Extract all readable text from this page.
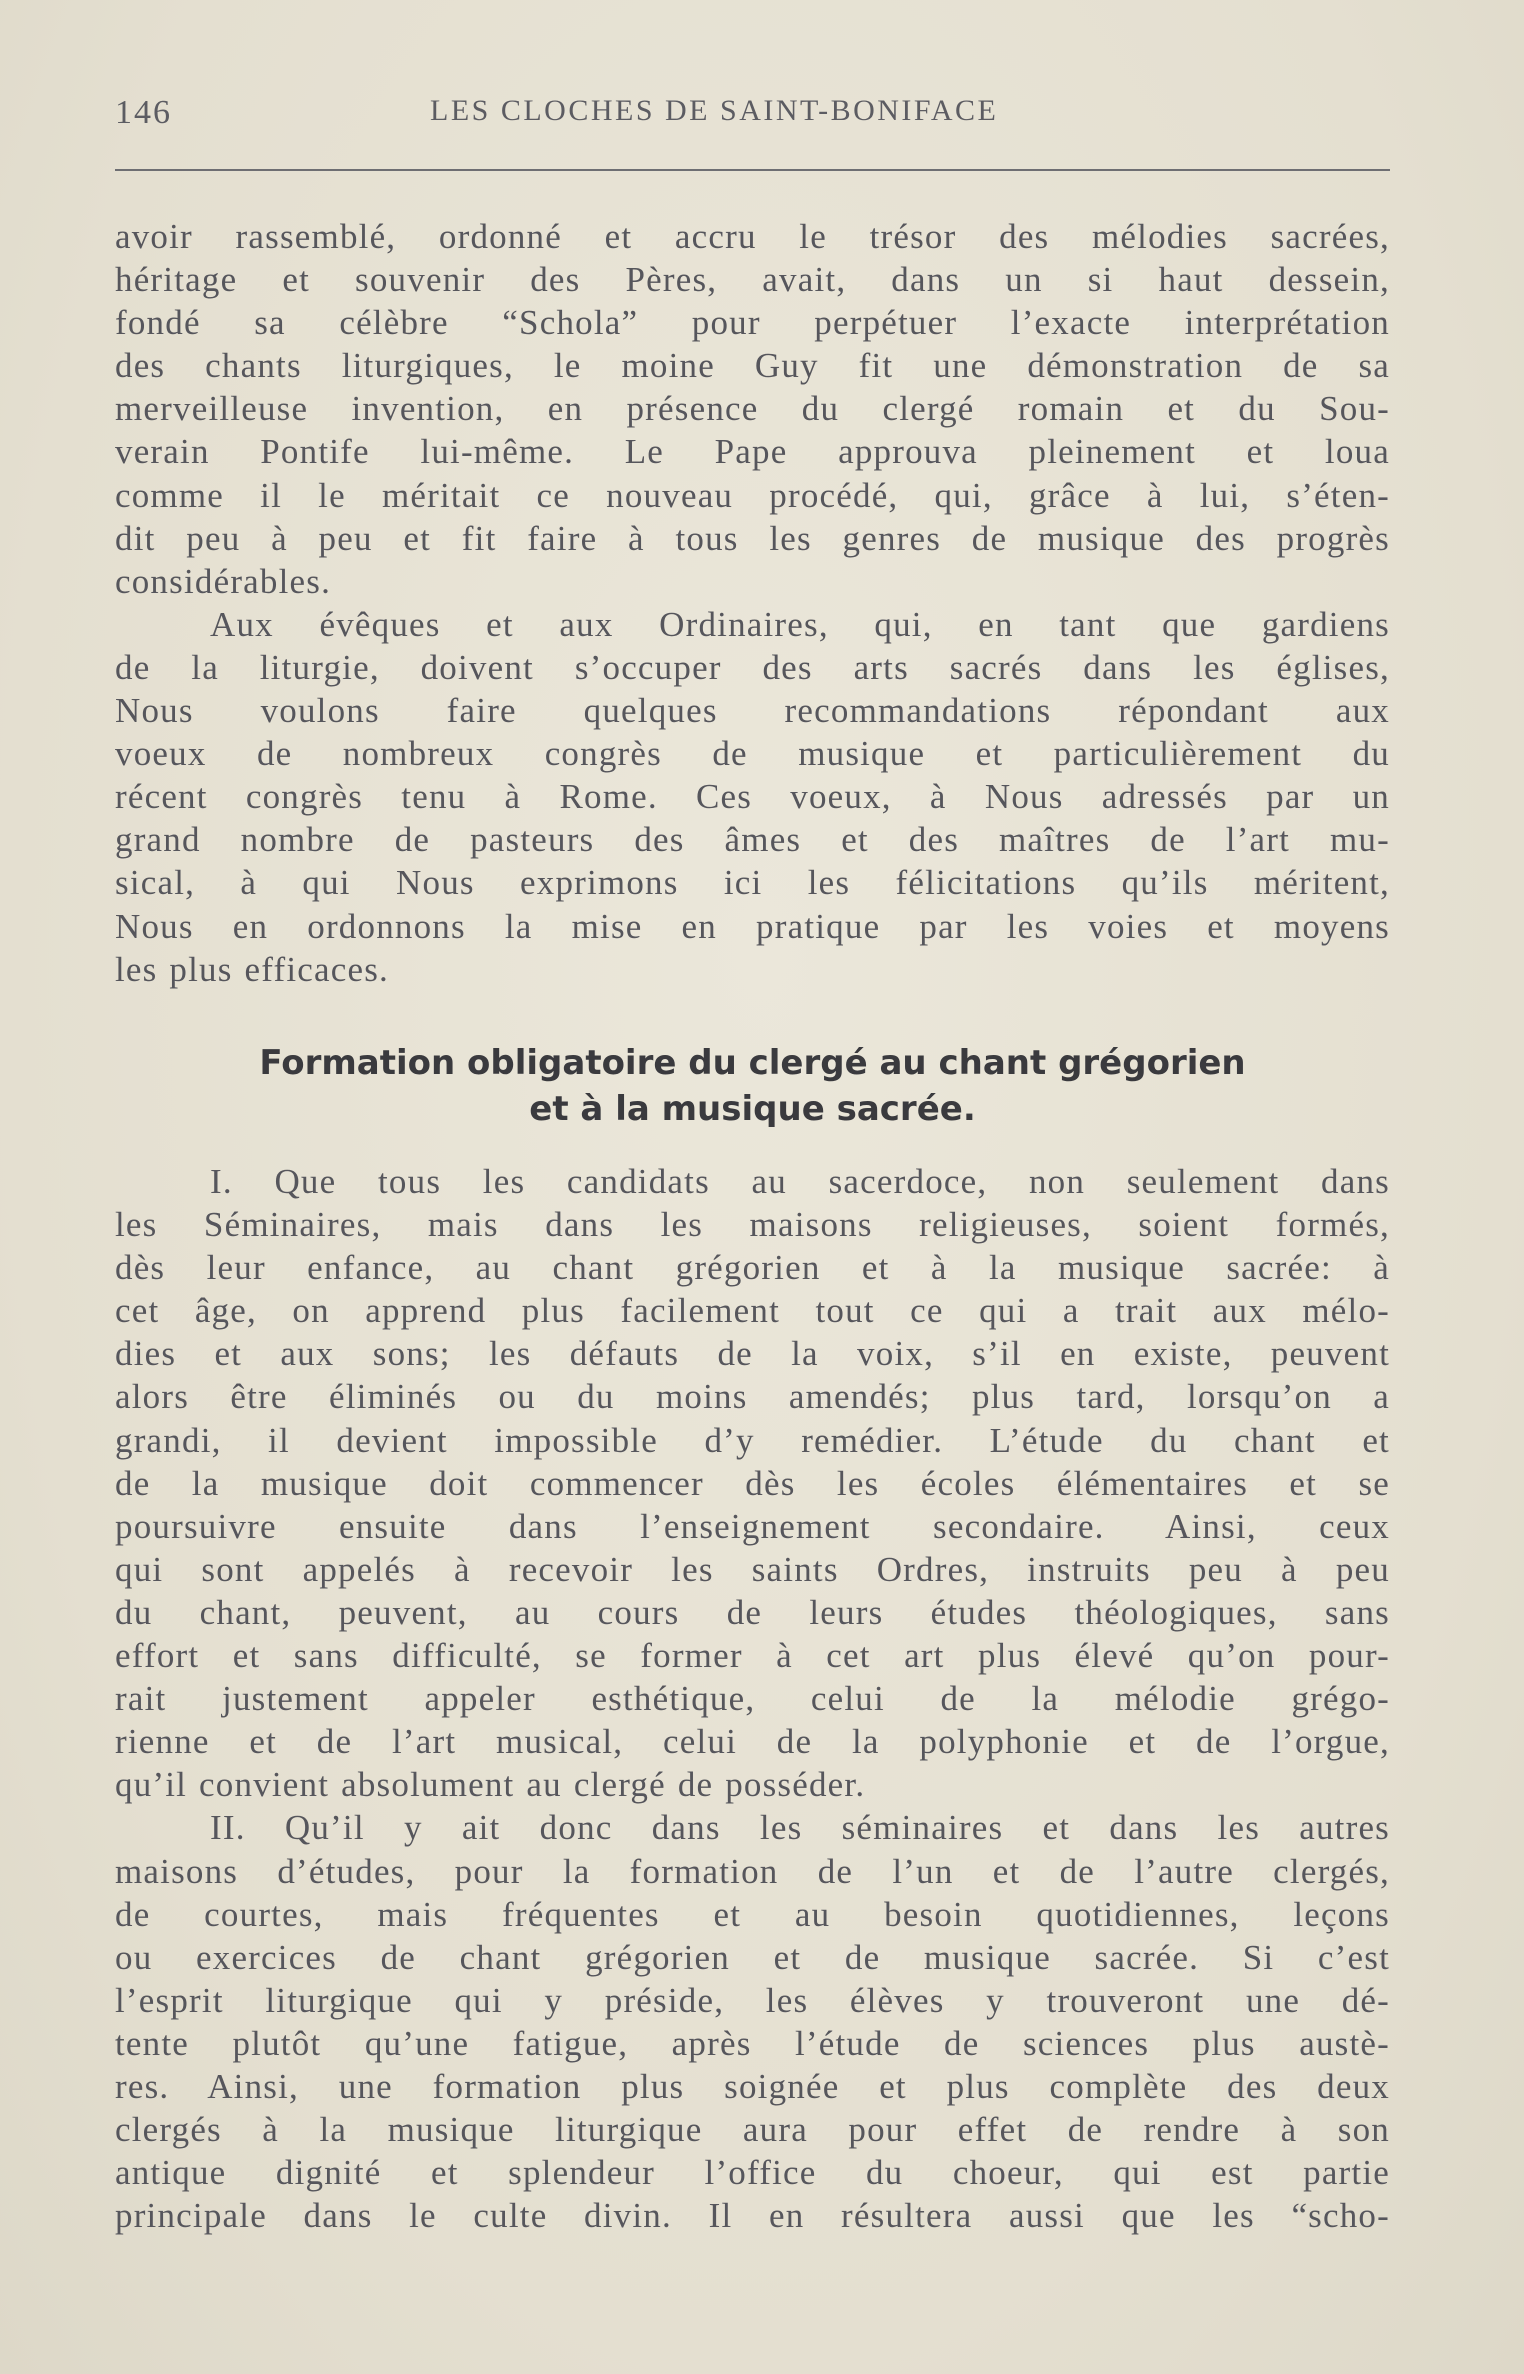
146	LES CLOCHES DE SAINT-BONIFACE
avoir rassemblé, ordonné et accru le trésor des mélodies sacrées,
héritage et souvenir des Pères, avait, dans un si haut dessein,
fondé sa célèbre “Schola” pour perpétuer l’exacte interprétation
des chants liturgiques, le moine Guy fit une démonstration de sa
merveilleuse invention, en présence du clergé romain et du Sou-
verain Pontife lui-même. Le Pape approuva pleinement et loua
comme il le méritait ce nouveau procédé, qui, grâce à lui, s’éten-
dit peu à peu et fit faire à tous les genres de musique des progrès
considérables.
Aux évêques et aux Ordinaires, qui, en tant que gardiens
de la liturgie, doivent s’occuper des arts sacrés dans les églises,
Nous voulons faire quelques recommandations répondant aux
voeux de nombreux congrès de musique et particulièrement du
récent congrès tenu à Rome. Ces voeux, à Nous adressés par un
grand nombre de pasteurs des âmes et des maîtres de l’art mu-
sical, à qui Nous exprimons ici les félicitations qu’ils méritent,
Nous en ordonnons la mise en pratique par les voies et moyens
les plus efficaces.
Formation obligatoire du clergé au chant grégorien
et à la musique sacrée.
I. Que tous les candidats au sacerdoce, non seulement dans
les Séminaires, mais dans les maisons religieuses, soient formés,
dès leur enfance, au chant grégorien et à la musique sacrée: à
cet âge, on apprend plus facilement tout ce qui a trait aux mélo-
dies et aux sons; les défauts de la voix, s’il en existe, peuvent
alors être éliminés ou du moins amendés; plus tard, lorsqu’on a
grandi, il devient impossible d’y remédier. L’étude du chant et
de la musique doit commencer dès les écoles élémentaires et se
poursuivre ensuite dans l’enseignement secondaire. Ainsi, ceux
qui sont appelés à recevoir les saints Ordres, instruits peu à peu
du chant, peuvent, au cours de leurs études théologiques, sans
effort et sans difficulté, se former à cet art plus élevé qu’on pour-
rait justement appeler esthétique, celui de la mélodie grégo-
rienne et de l’art musical, celui de la polyphonie et de l’orgue,
qu’il convient absolument au clergé de posséder.
II. Qu’il y ait donc dans les séminaires et dans les autres
maisons d’études, pour la formation de l’un et de l’autre clergés,
de courtes, mais fréquentes et au besoin quotidiennes, leçons
ou exercices de chant grégorien et de musique sacrée. Si c’est
l’esprit liturgique qui y préside, les élèves y trouveront une dé-
tente plutôt qu’une fatigue, après l’étude de sciences plus austè-
res. Ainsi, une formation plus soignée et plus complète des deux
clergés à la musique liturgique aura pour effet de rendre à son
antique dignité et splendeur l’office du choeur, qui est partie
principale dans le culte divin. Il en résultera aussi que les “scho-
